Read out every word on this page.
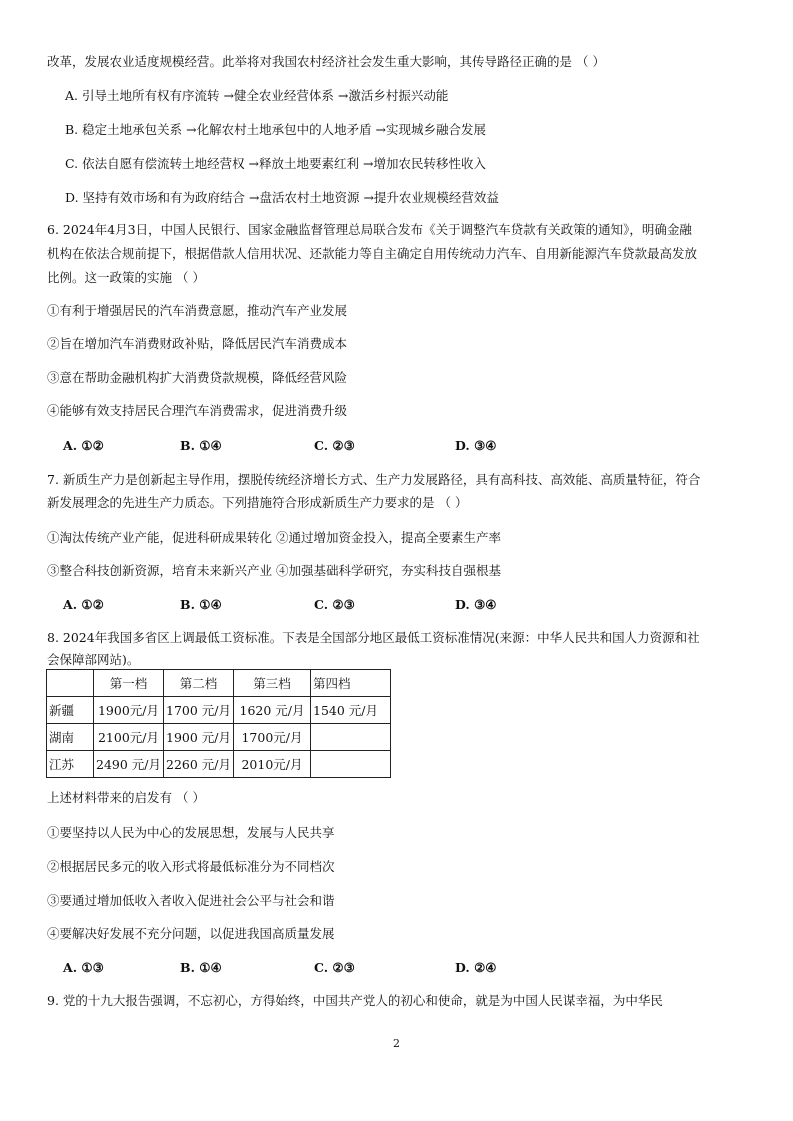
改革，发展农业适度规模经营。此举将对我国农村经济社会发生重大影响，其传导路径正确的是 （ ）
A. 引导土地所有权有序流转 →健全农业经营体系 →激活乡村振兴动能
B. 稳定土地承包关系 →化解农村土地承包中的人地矛盾 →实现城乡融合发展
C. 依法自愿有偿流转土地经营权 →释放土地要素红利 →增加农民转移性收入
D. 坚持有效市场和有为政府结合 →盘活农村土地资源 →提升农业规模经营效益
6. 2024年4月3日，中国人民银行、国家金融监督管理总局联合发布《关于调整汽车贷款有关政策的通知》，明确金融
机构在依法合规前提下，根据借款人信用状况、还款能力等自主确定自用传统动力汽车、自用新能源汽车贷款最高发放
比例。这一政策的实施 （ ）
①有利于增强居民的汽车消费意愿，推动汽车产业发展
②旨在增加汽车消费财政补贴，降低居民汽车消费成本
③意在帮助金融机构扩大消费贷款规模，降低经营风险
④能够有效支持居民合理汽车消费需求，促进消费升级
A. ①②	B. ①④	C. ②③	D. ③④
7. 新质生产力是创新起主导作用，摆脱传统经济增长方式、生产力发展路径，具有高科技、高效能、高质量特征，符合
新发展理念的先进生产力质态。下列措施符合形成新质生产力要求的是 （ ）
①淘汰传统产业产能，促进科研成果转化 ②通过增加资金投入，提高全要素生产率
③整合科技创新资源，培育未来新兴产业 ④加强基础科学研究，夯实科技自强根基
A. ①②	B. ①④	C. ②③	D. ③④
8. 2024年我国多省区上调最低工资标准。下表是全国部分地区最低工资标准情况(来源：中华人民共和国人力资源和社
会保障部网站)。
	第一档	第二档	第三档	第四档
新疆	1900元/月	1700 元/月	1620 元/月	1540 元/月
湖南	2100元/月	1900 元/月	1700元/月	
江苏	2490 元/月	2260 元/月	2010元/月	
上述材料带来的启发有 （ ）
①要坚持以人民为中心的发展思想，发展与人民共享
②根据居民多元的收入形式将最低标准分为不同档次
③要通过增加低收入者收入促进社会公平与社会和谐
④要解决好发展不充分问题，以促进我国高质量发展
A. ①③	B. ①④	C. ②③	D. ②④
9. 党的十九大报告强调，不忘初心，方得始终，中国共产党人的初心和使命，就是为中国人民谋幸福，为中华民
2
